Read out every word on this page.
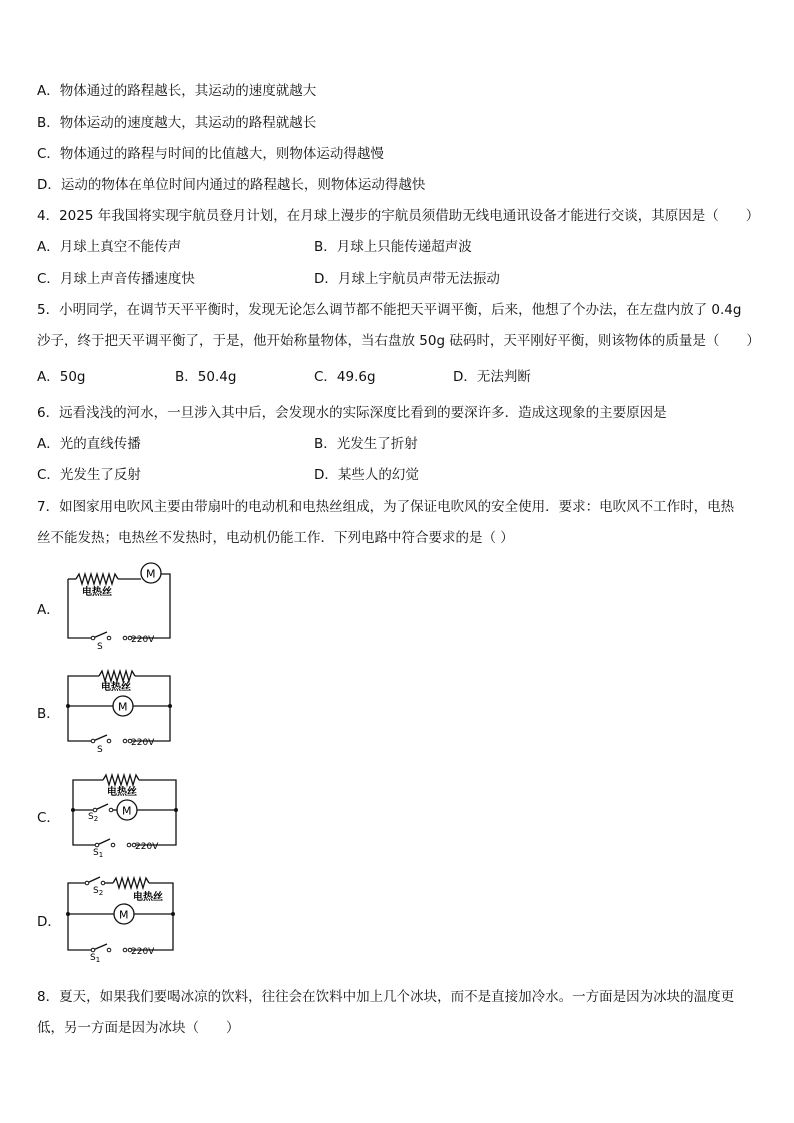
A．物体通过的路程越长，其运动的速度就越大
B．物体运动的速度越大，其运动的路程就越长
C．物体通过的路程与时间的比值越大，则物体运动得越慢
D．运动的物体在单位时间内通过的路程越长，则物体运动得越快
4．2025 年我国将实现宇航员登月计划，在月球上漫步的宇航员须借助无线电通讯设备才能进行交谈，其原因是（　　）
A．月球上真空不能传声	B．月球上只能传递超声波
C．月球上声音传播速度快	D．月球上宇航员声带无法振动
5．小明同学，在调节天平平衡时，发现无论怎么调节都不能把天平调平衡，后来，他想了个办法，在左盘内放了 0.4g
沙子，终于把天平调平衡了，于是，他开始称量物体，当右盘放 50g 砝码时，天平刚好平衡，则该物体的质量是（　　）
A．50g	B．50.4g	C．49.6g	D．无法判断
6．远看浅浅的河水，一旦涉入其中后，会发现水的实际深度比看到的要深许多．造成这现象的主要原因是
A．光的直线传播	B．光发生了折射
C．光发生了反射	D．某些人的幻觉
7．如图家用电吹风主要由带扇叶的电动机和电热丝组成，为了保证电吹风的安全使用．要求：电吹风不工作时，电热
丝不能发热；电热丝不发热时，电动机仍能工作．下列电路中符合要求的是（ ）
A．
M
电热丝
S
220V
B．
电热丝
M
S
220V
C．
电热丝
M
$S_2$
$S_1$
220V
D．
$S_2$	电热丝
M
$S_1$
220V
8．夏天，如果我们要喝冰凉的饮料，往往会在饮料中加上几个冰块，而不是直接加冷水。一方面是因为冰块的温度更
低，另一方面是因为冰块（　　）
